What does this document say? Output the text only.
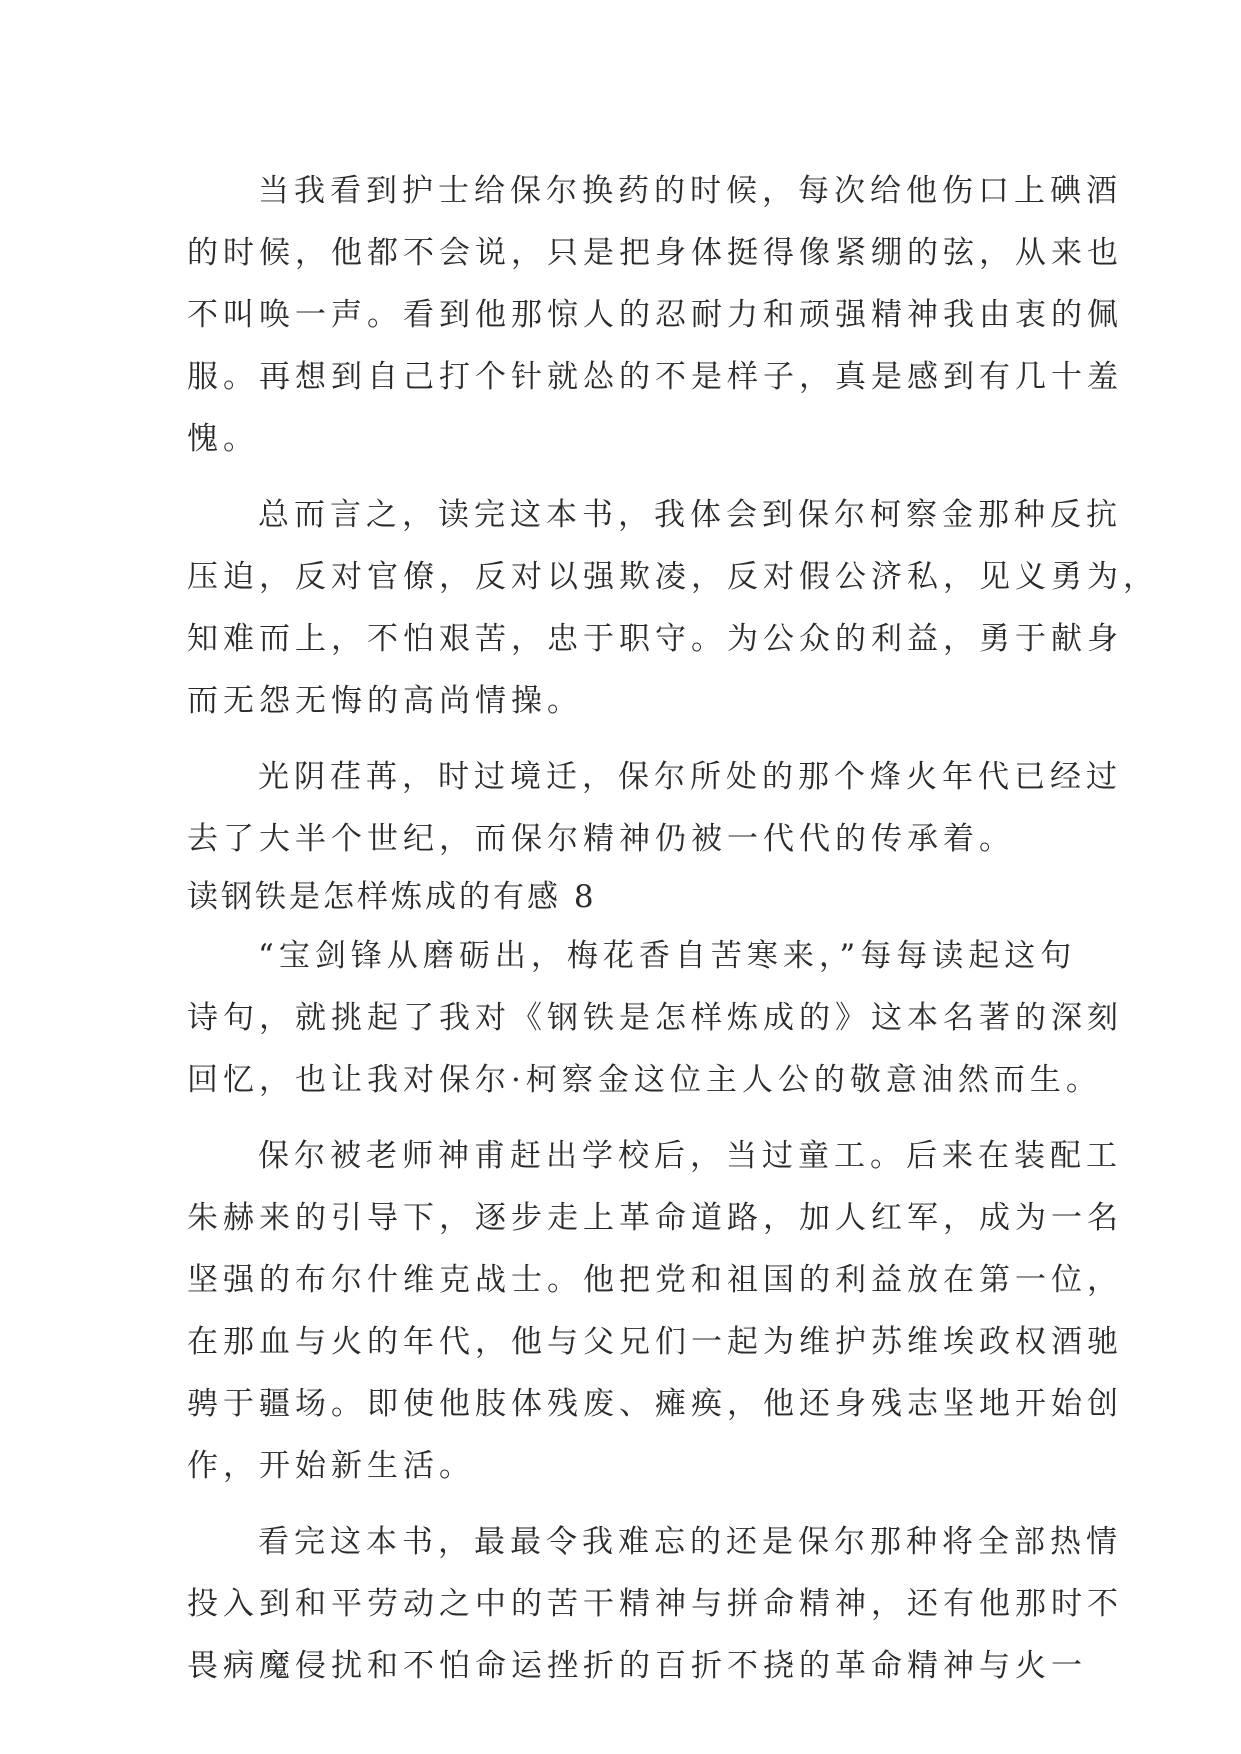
当我看到护士给保尔换药的时候，每次给他伤口上碘酒
的时候，他都不会说，只是把身体挺得像紧绷的弦，从来也
不叫唤一声。看到他那惊人的忍耐力和顽强精神我由衷的佩
服。再想到自己打个针就怂的不是样子，真是感到有几十羞
愧。
总而言之，读完这本书，我体会到保尔柯察金那种反抗
压迫，反对官僚，反对以强欺凌，反对假公济私，见义勇为，
知难而上，不怕艰苦，忠于职守。为公众的利益，勇于献身
而无怨无悔的高尚情操。
光阴荏苒，时过境迁，保尔所处的那个烽火年代已经过
去了大半个世纪，而保尔精神仍被一代代的传承着。
读钢铁是怎样炼成的有感 8
“宝剑锋从磨砺出，梅花香自苦寒来，”每每读起这句
诗句，就挑起了我对《钢铁是怎样炼成的》这本名著的深刻
回忆，也让我对保尔·柯察金这位主人公的敬意油然而生。
保尔被老师神甫赶出学校后，当过童工。后来在装配工
朱赫来的引导下，逐步走上革命道路，加人红军，成为一名
坚强的布尔什维克战士。他把党和祖国的利益放在第一位，
在那血与火的年代，他与父兄们一起为维护苏维埃政权酒驰
骋于疆场。即使他肢体残废、瘫痪，他还身残志坚地开始创
作，开始新生活。
看完这本书，最最令我难忘的还是保尔那种将全部热情
投入到和平劳动之中的苦干精神与拼命精神，还有他那时不
畏病魔侵扰和不怕命运挫折的百折不挠的革命精神与火一
